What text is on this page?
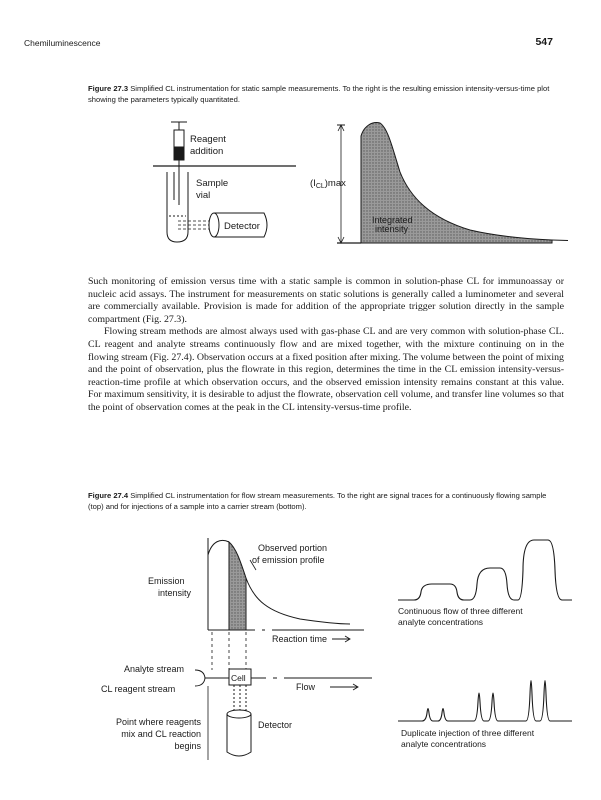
Chemiluminescence	547
Figure 27.3 Simplified CL instrumentation for static sample measurements. To the right is the resulting emission intensity-versus-time plot showing the parameters typically quantitated.
Reagent
addition
Sample
vial
Detector
$(I_{CL})\max$
Integrated
intensity

Such monitoring of emission versus time with a static sample is common in solution-phase CL for immunoassay or nucleic acid assays. The instrument for measurements on static solutions is generally called a luminometer and several are commercially available. Provision is made for addition of the appropriate trigger solution directly in the sample compartment (Fig. 27.3).

Flowing stream methods are almost always used with gas-phase CL and are very common with solution-phase CL. CL reagent and analyte streams continuously flow and are mixed together, with the mixture continuing on in the flowing stream (Fig. 27.4). Observation occurs at a fixed position after mixing. The volume between the point of mixing and the point of observation, plus the flowrate in this region, determines the time in the CL emission intensity-versus-reaction-time profile at which observation occurs, and the observed emission intensity remains constant at this value. For maximum sensitivity, it is desirable to adjust the flowrate, observation cell volume, and transfer line volumes so that the point of observation comes at the peak in the CL intensity-versus-time profile.

Figure 27.4 Simplified CL instrumentation for flow stream measurements. To the right are signal traces for a continuously flowing sample (top) and for injections of a sample into a carrier stream (bottom).
Observed portion
of emission profile
Emission
intensity
Reaction time
Cell
Analyte stream
CL reagent stream	Flow
Detector
Point where reagents
mix and CL reaction
begins
Continuous flow of three different
analyte concentrations
Duplicate injection of three different
analyte concentrations
